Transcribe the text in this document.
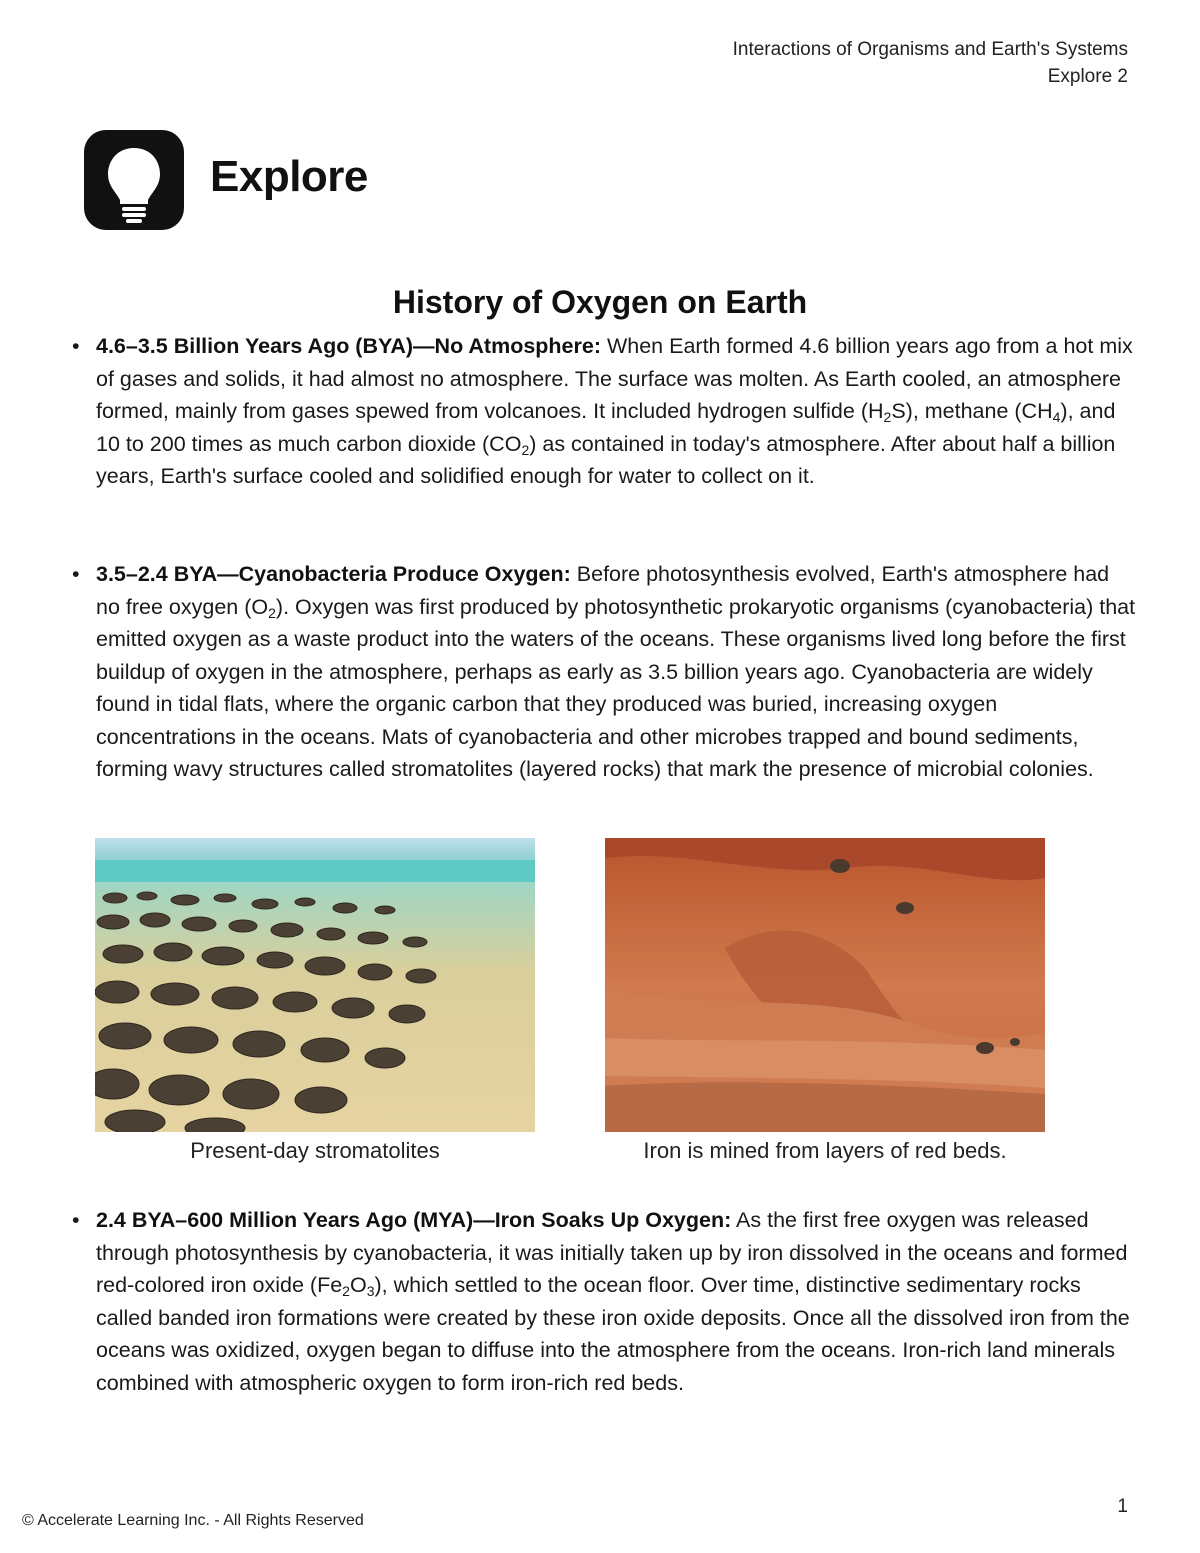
Interactions of Organisms and Earth's Systems
Explore 2
Explore
History of Oxygen on Earth
• 4.6–3.5 Billion Years Ago (BYA)—No Atmosphere: When Earth formed 4.6 billion years ago from a hot mix of gases and solids, it had almost no atmosphere. The surface was molten. As Earth cooled, an atmosphere formed, mainly from gases spewed from volcanoes. It included hydrogen sulfide $(H_2S)$, methane $(CH_4)$, and 10 to 200 times as much carbon dioxide $(CO_2)$ as contained in today's atmosphere. After about half a billion years, Earth's surface cooled and solidified enough for water to collect on it.
• 3.5–2.4 BYA—Cyanobacteria Produce Oxygen: Before photosynthesis evolved, Earth's atmosphere had no free oxygen $(O_2)$. Oxygen was first produced by photosynthetic prokaryotic organisms (cyanobacteria) that emitted oxygen as a waste product into the waters of the oceans. These organisms lived long before the first buildup of oxygen in the atmosphere, perhaps as early as 3.5 billion years ago. Cyanobacteria are widely found in tidal flats, where the organic carbon that they produced was buried, increasing oxygen concentrations in the oceans. Mats of cyanobacteria and other microbes trapped and bound sediments, forming wavy structures called stromatolites (layered rocks) that mark the presence of microbial colonies.
Present-day stromatolites	Iron is mined from layers of red beds.
• 2.4 BYA–600 Million Years Ago (MYA)—Iron Soaks Up Oxygen: As the first free oxygen was released through photosynthesis by cyanobacteria, it was initially taken up by iron dissolved in the oceans and formed red-colored iron oxide $(Fe_2O_3)$, which settled to the ocean floor. Over time, distinctive sedimentary rocks called banded iron formations were created by these iron oxide deposits. Once all the dissolved iron from the oceans was oxidized, oxygen began to diffuse into the atmosphere from the oceans. Iron-rich land minerals combined with atmospheric oxygen to form iron-rich red beds.
© Accelerate Learning Inc. - All Rights Reserved
1
